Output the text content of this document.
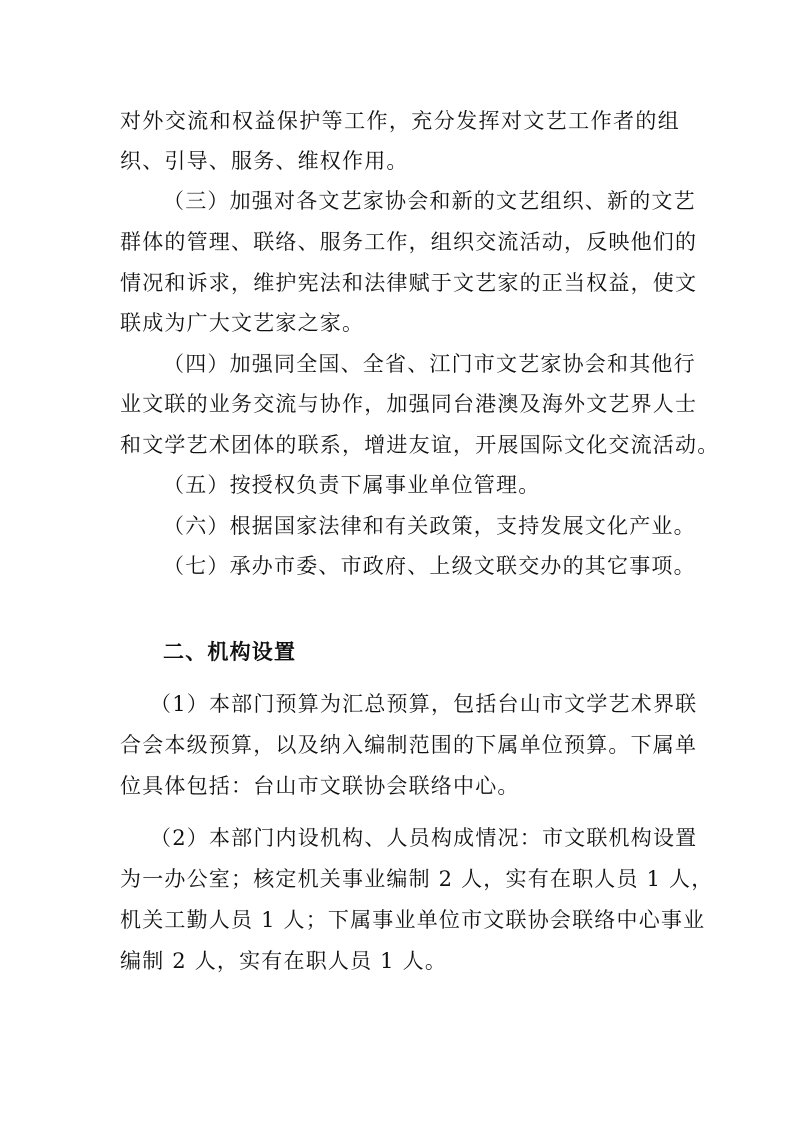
对外交流和权益保护等工作，充分发挥对文艺工作者的组
织、引导、服务、维权作用。
（三）加强对各文艺家协会和新的文艺组织、新的文艺
群体的管理、联络、服务工作，组织交流活动，反映他们的
情况和诉求，维护宪法和法律赋于文艺家的正当权益，使文
联成为广大文艺家之家。
（四）加强同全国、全省、江门市文艺家协会和其他行
业文联的业务交流与协作，加强同台港澳及海外文艺界人士
和文学艺术团体的联系，增进友谊，开展国际文化交流活动。
（五）按授权负责下属事业单位管理。
（六）根据国家法律和有关政策，支持发展文化产业。
（七）承办市委、市政府、上级文联交办的其它事项。
二、机构设置
（1）本部门预算为汇总预算，包括台山市文学艺术界联
合会本级预算，以及纳入编制范围的下属单位预算。下属单
位具体包括：台山市文联协会联络中心。
（2）本部门内设机构、人员构成情况：市文联机构设置
为一办公室；核定机关事业编制 2 人，实有在职人员 1 人，
机关工勤人员 1 人；下属事业单位市文联协会联络中心事业
编制 2 人，实有在职人员 1 人。
